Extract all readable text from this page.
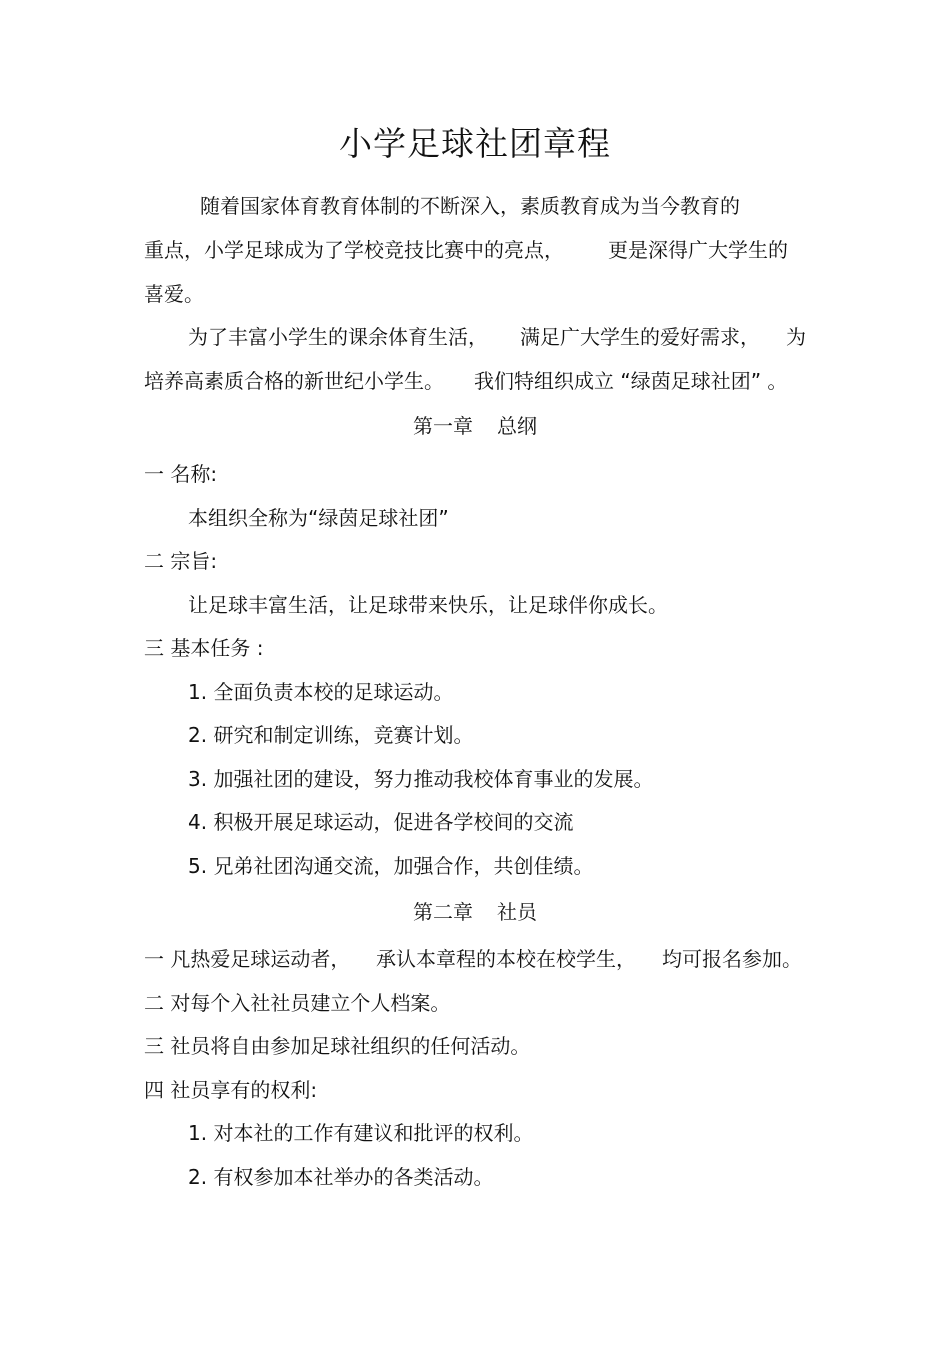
小学足球社团章程
随着国家体育教育体制的不断深入，素质教育成为当今教育的
重点，小学足球成为了学校竞技比赛中的亮点， 更是深得广大学生的
喜爱。
为了丰富小学生的课余体育生活， 满足广大学生的爱好需求， 为
培养高素质合格的新世纪小学生。 我们特组织成立 “绿茵足球社团” 。
第一章 总纲
一 名称:
本组织全称为“绿茵足球社团”
二 宗旨:
让足球丰富生活，让足球带来快乐，让足球伴你成长。
三 基本任务 :
1. 全面负责本校的足球运动。
2. 研究和制定训练，竞赛计划。
3. 加强社团的建设，努力推动我校体育事业的发展。
4. 积极开展足球运动，促进各学校间的交流
5. 兄弟社团沟通交流，加强合作，共创佳绩。
第二章 社员
一 凡热爱足球运动者， 承认本章程的本校在校学生， 均可报名参加。
二 对每个入社社员建立个人档案。
三 社员将自由参加足球社组织的任何活动。
四 社员享有的权利:
1. 对本社的工作有建议和批评的权利。
2. 有权参加本社举办的各类活动。
